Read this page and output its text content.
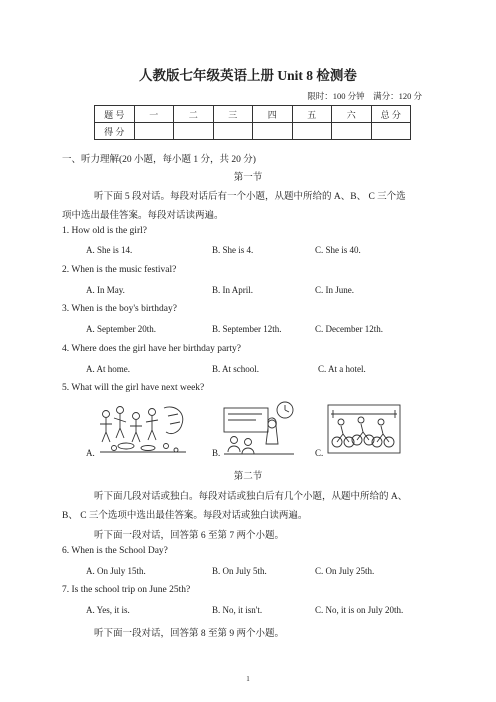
人教版七年级英语上册 Unit 8 检测卷
限时：100 分钟 满分：120 分
题 号	一	二	三	四	五	六	总 分
得 分							
一、听力理解(20 小题，每小题 1 分，共 20 分)
第一节
听下面 5 段对话。每段对话后有一个小题，从题中所给的 A、B、 C 三个选
项中选出最佳答案。每段对话读两遍。
1. How old is the girl?
A. She is 14.	B. She is 4.	C. She is 40.
2. When is the music festival?
A. In May.	B. In April.	C. In June.
3. When is the boy's birthday?
A. September 20th.	B. September 12th.	C. December 12th.
4. Where does the girl have her birthday party?
A. At home.	B. At school.	C. At a hotel.
5. What will the girl have next week?
A.	B.	C.
第二节
听下面几段对话或独白。每段对话或独白后有几个小题，从题中所给的 A、
B、 C 三个选项中选出最佳答案。每段对话或独白读两遍。
听下面一段对话，回答第 6 至第 7 两个小题。
6. When is the School Day?
A. On July 15th.	B. On July 5th.	C. On July 25th.
7. Is the school trip on June 25th?
A. Yes, it is.	B. No, it isn't.	C. No, it is on July 20th.
听下面一段对话，回答第 8 至第 9 两个小题。
1
